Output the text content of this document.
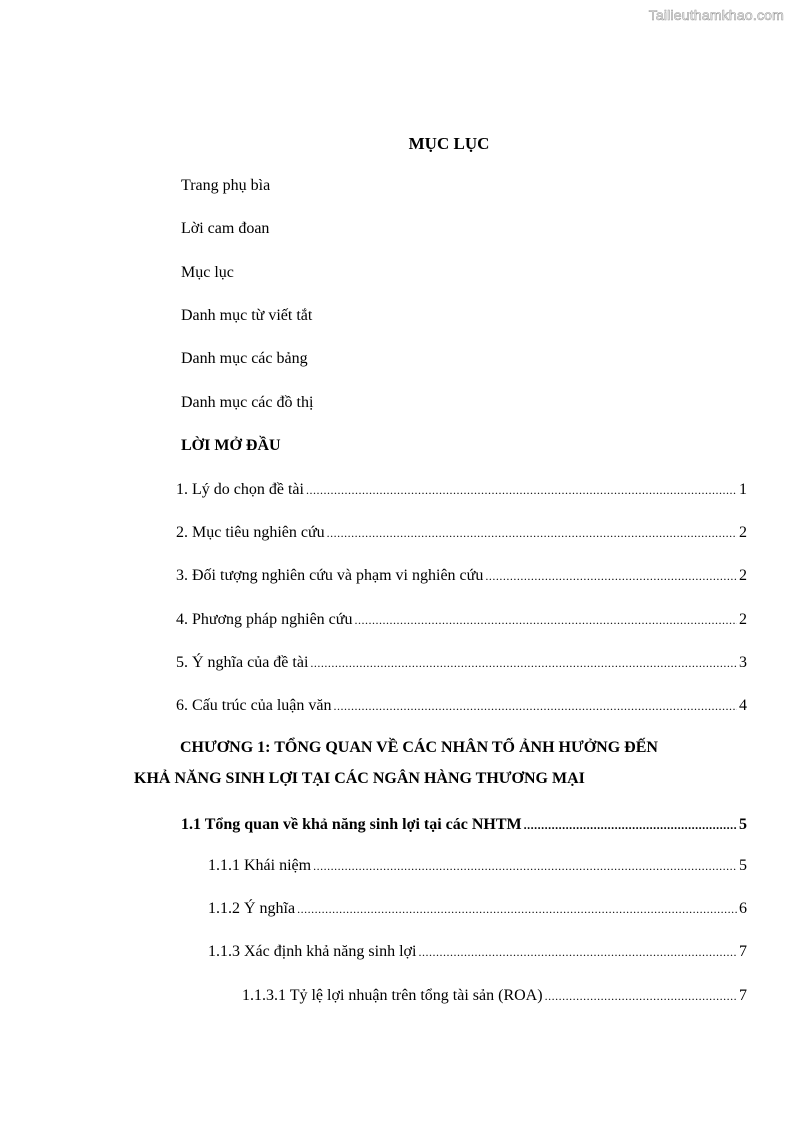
Tailieuthamkhao.com
MỤC LỤC
Trang phụ bìa
Lời cam đoan
Mục lục
Danh mục từ viết tắt
Danh mục các bảng
Danh mục các đồ thị
LỜI MỞ ĐẦU
1. Lý do chọn đề tài .....	1
2. Mục tiêu nghiên cứu .....	2
3. Đối tượng nghiên cứu và phạm vi nghiên cứu .....	2
4. Phương pháp nghiên cứu .....	2
5. Ý nghĩa của đề tài .....	3
6. Cấu trúc của luận văn .....	4
CHƯƠNG 1: TỔNG QUAN VỀ CÁC NHÂN TỐ ẢNH HƯỞNG ĐẾN
KHẢ NĂNG SINH LỢI TẠI CÁC NGÂN HÀNG THƯƠNG MẠI
1.1 Tổng quan về khả năng sinh lợi tại các NHTM .....	5
1.1.1 Khái niệm .....	5
1.1.2 Ý nghĩa .....	6
1.1.3 Xác định khả năng sinh lợi .....	7
1.1.3.1 Tỷ lệ lợi nhuận trên tổng tài sản (ROA) .....	7
